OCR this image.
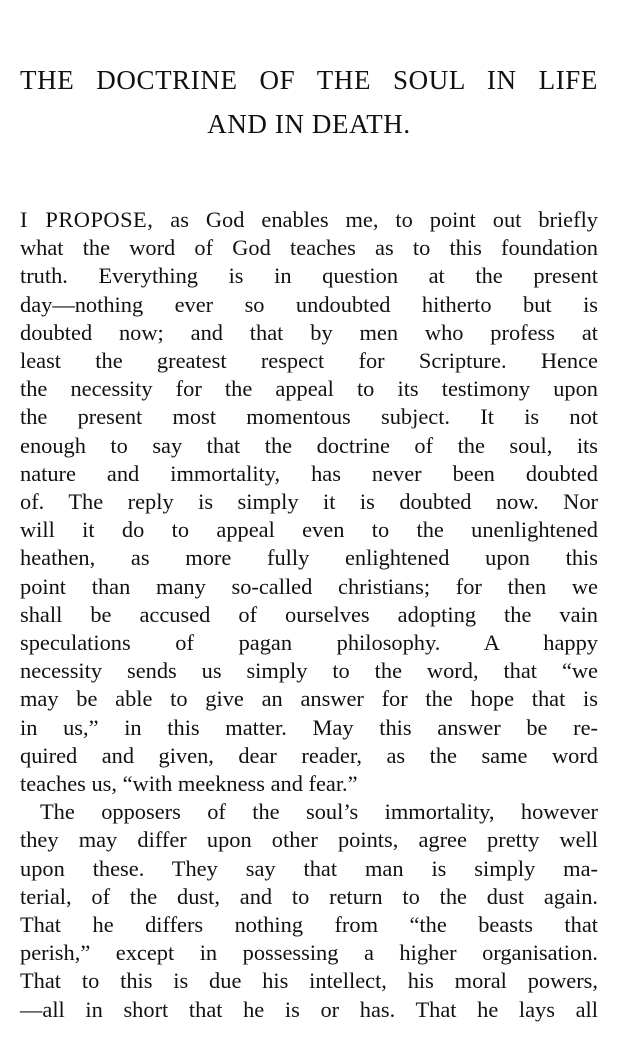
THE DOCTRINE OF THE SOUL IN LIFE
AND IN DEATH.

I PROPOSE, as God enables me, to point out briefly
what the word of God teaches as to this foundation
truth. Everything is in question at the present
day—nothing ever so undoubted hitherto but is
doubted now; and that by men who profess at
least the greatest respect for Scripture. Hence
the necessity for the appeal to its testimony upon
the present most momentous subject. It is not
enough to say that the doctrine of the soul, its
nature and immortality, has never been doubted
of. The reply is simply it is doubted now. Nor
will it do to appeal even to the unenlightened
heathen, as more fully enlightened upon this
point than many so-called christians; for then we
shall be accused of ourselves adopting the vain
speculations of pagan philosophy. A happy
necessity sends us simply to the word, that “we
may be able to give an answer for the hope that is
in us,” in this matter. May this answer be re-
quired and given, dear reader, as the same word
teaches us, “with meekness and fear.”

The opposers of the soul’s immortality, however
they may differ upon other points, agree pretty well
upon these. They say that man is simply ma-
terial, of the dust, and to return to the dust again.
That he differs nothing from “the beasts that
perish,” except in possessing a higher organisation.
That to this is due his intellect, his moral powers,
—all in short that he is or has. That he lays all
